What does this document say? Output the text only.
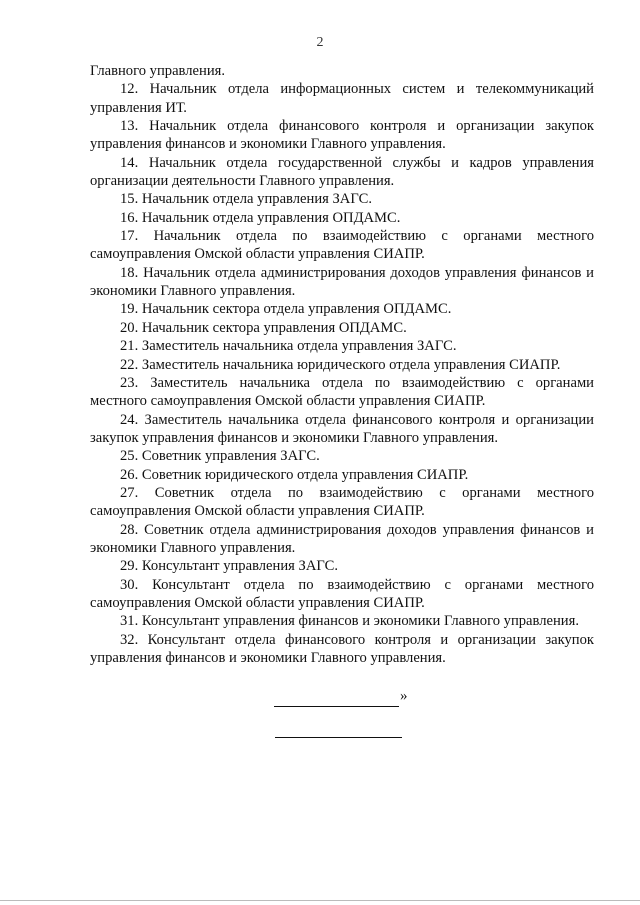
2

Главного управления.

12. Начальник отдела информационных систем и телекоммуникаций управления ИТ.

13. Начальник отдела финансового контроля и организации закупок управления финансов и экономики Главного управления.

14. Начальник отдела государственной службы и кадров управления организации деятельности Главного управления.

15. Начальник отдела управления ЗАГС.

16. Начальник отдела управления ОПДАМС.

17. Начальник отдела по взаимодействию с органами местного самоуправления Омской области управления СИАПР.

18. Начальник отдела администрирования доходов управления финансов и экономики Главного управления.

19. Начальник сектора отдела управления ОПДАМС.

20. Начальник сектора управления ОПДАМС.

21. Заместитель начальника отдела управления ЗАГС.

22. Заместитель начальника юридического отдела управления СИАПР.

23. Заместитель начальника отдела по взаимодействию с органами местного самоуправления Омской области управления СИАПР.

24. Заместитель начальника отдела финансового контроля и организации закупок управления финансов и экономики Главного управления.

25. Советник управления ЗАГС.

26. Советник юридического отдела управления СИАПР.

27. Советник отдела по взаимодействию с органами местного самоуправления Омской области управления СИАПР.

28. Советник отдела администрирования доходов управления финансов и экономики Главного управления.

29. Консультант управления ЗАГС.

30. Консультант отдела по взаимодействию с органами местного самоуправления Омской области управления СИАПР.

31. Консультант управления финансов и экономики Главного управления.

32. Консультант отдела финансового контроля и организации закупок управления финансов и экономики Главного управления.

»
